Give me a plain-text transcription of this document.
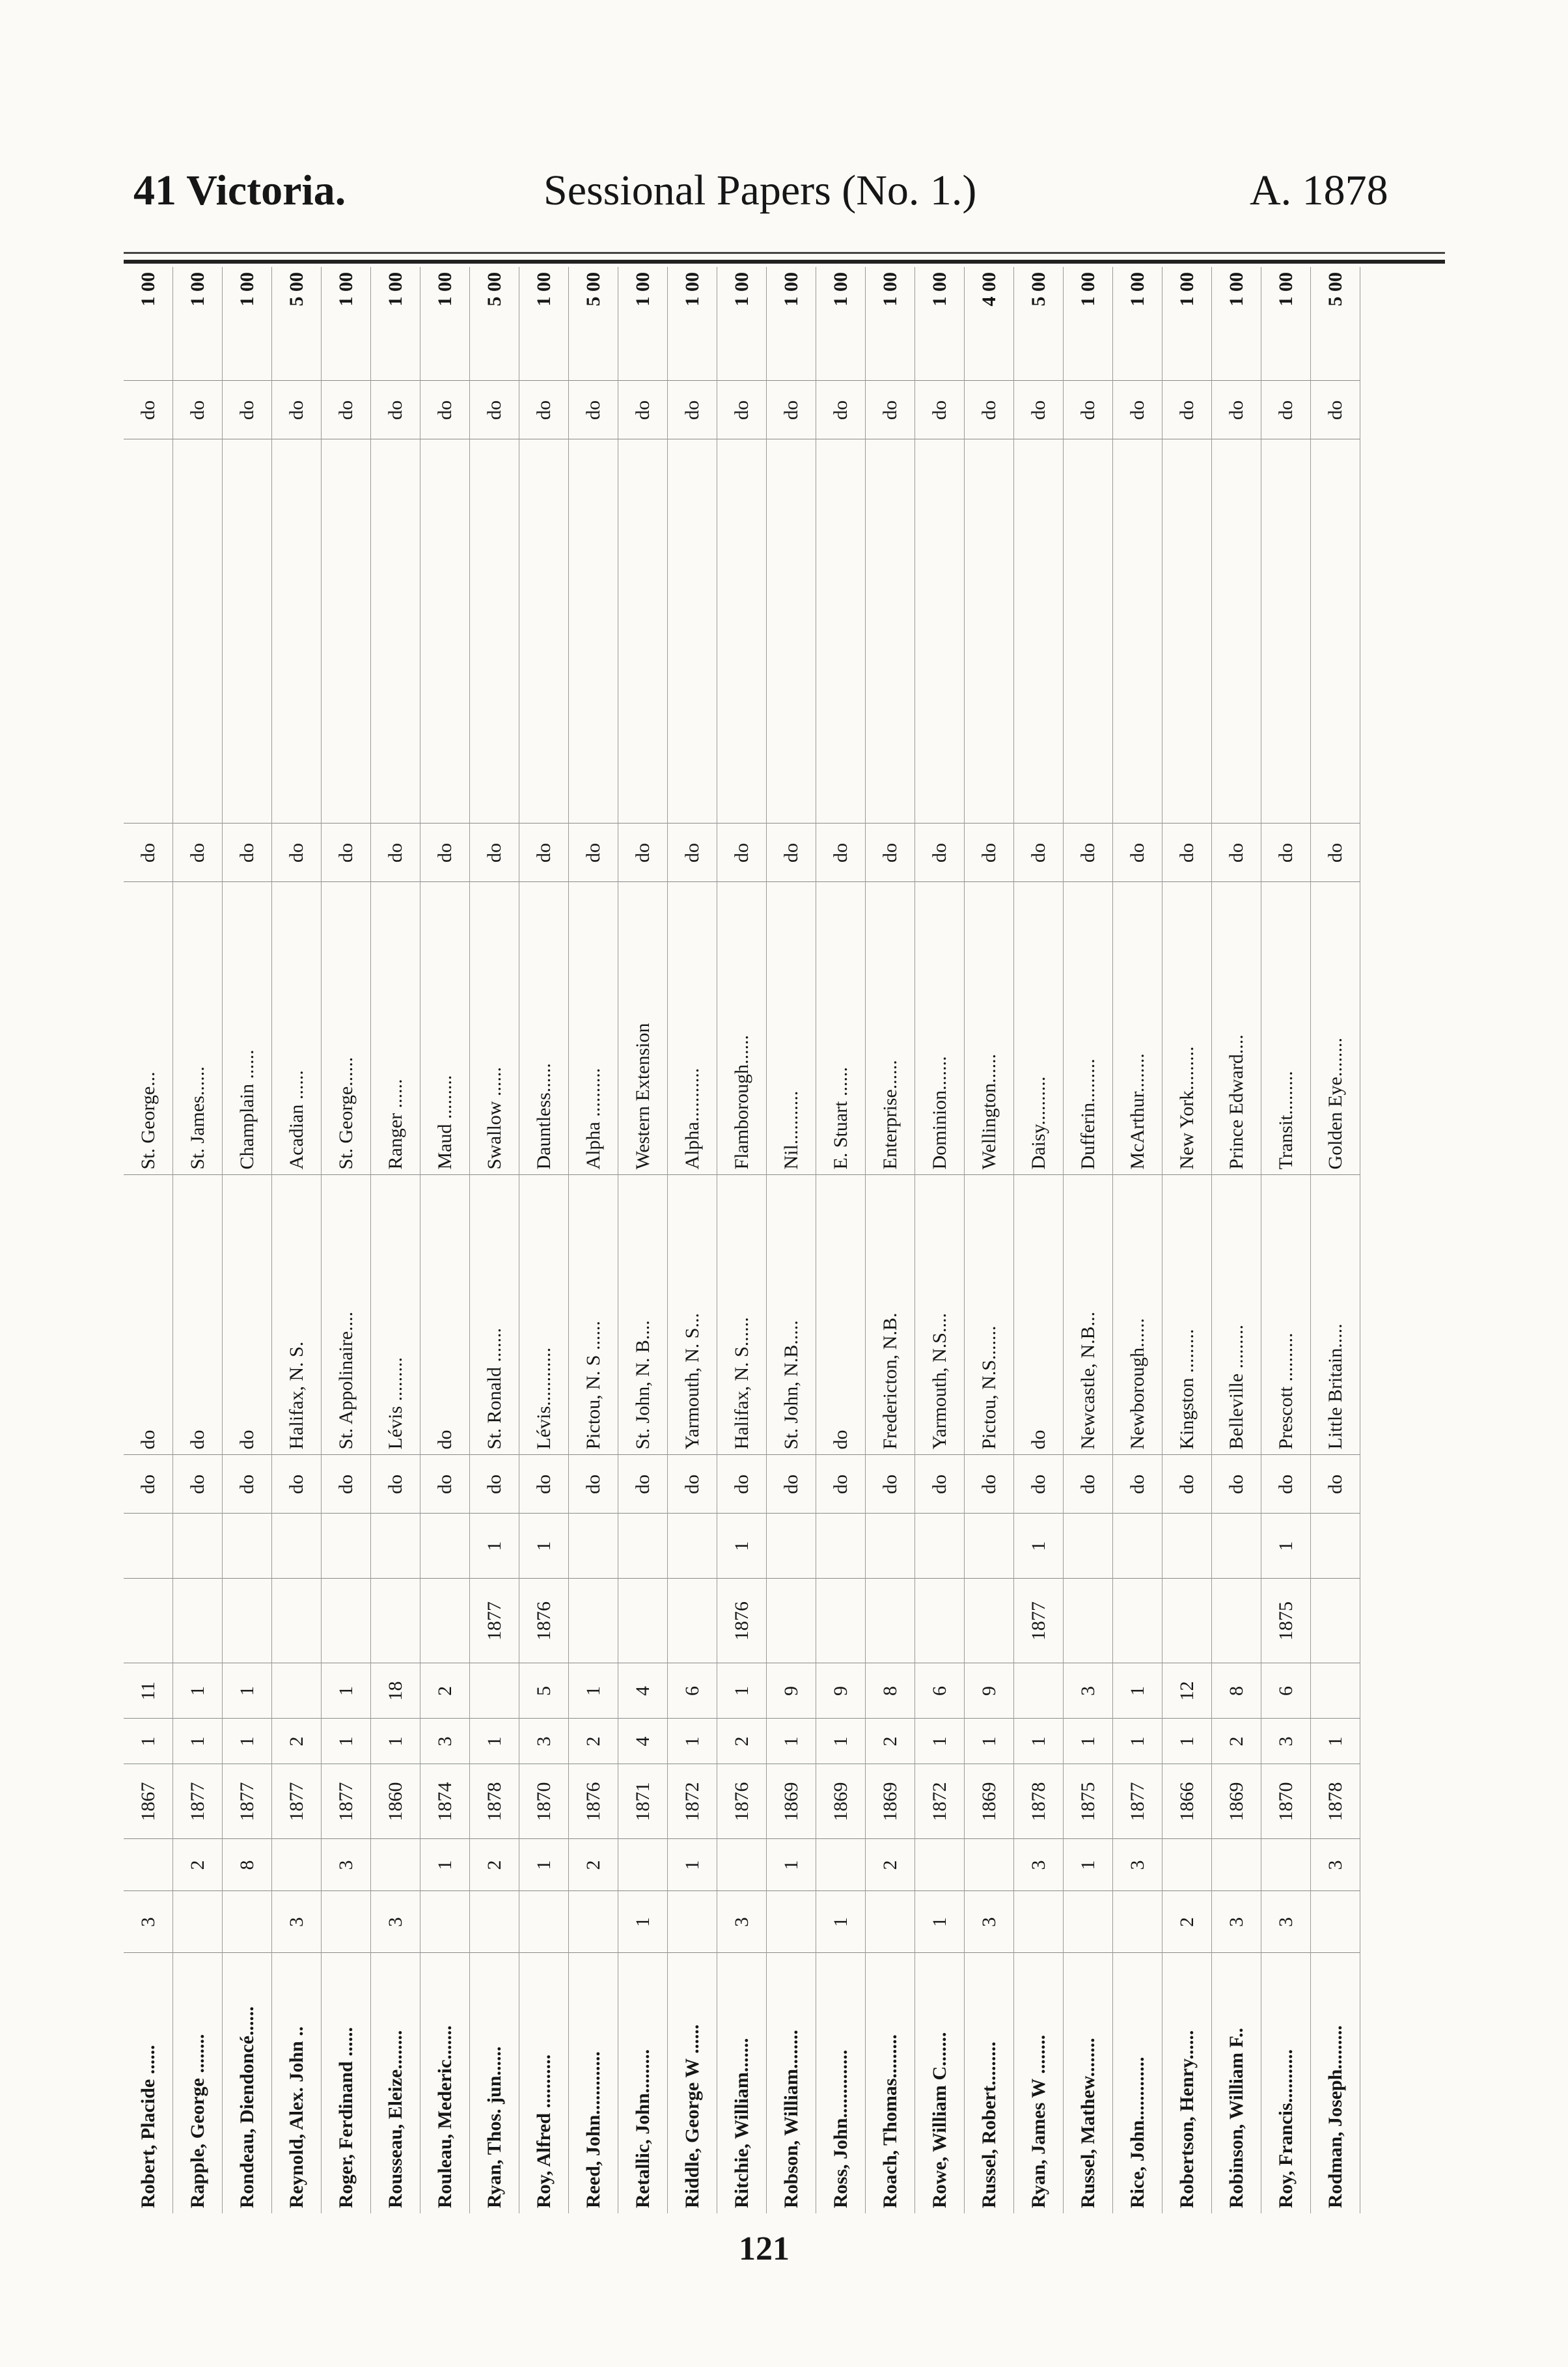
41 Victoria.	Sessional Papers (No. 1.)	A. 1878
Robert, Placide ......	3		1867	1	11			do	do	St. George...	do		do	1 00
Rapple, George ........		2	1877	1	1			do	do	St. James......	do		do	1 00
Rondeau, Diendoncé......		8	1877	1	1			do	do	Champlain ......	do		do	1 00
Reynold, Alex. John ..	3		1877	2				do	Halifax, N. S.	Acadian ......	do		do	5 00
Roger, Ferdinand ......		3	1877	1	1			do	St. Appolinaire....	St. George......	do		do	1 00
Rousseau, Eleize........	3		1860	1	18			do	Lévis .........	Ranger ......	do		do	1 00
Rouleau, Mederic.......		1	1874	3	2			do	do	Maud .........	do		do	1 00
Ryan, Thos. jun......		2	1878	1		1877	1	do	St. Ronald .......	Swallow ......	do		do	5 00
Roy, Alfred ...........		1	1870	3	5	1876	1	do	Lévis............	Dauntless......	do		do	1 00
Reed, John.............		2	1876	2	1			do	Pictou, N. S ......	Alpha ..........	do		do	5 00
Retallic, John.........	1		1871	4	4			do	St. John, N. B....	Western Extension	do		do	1 00
Riddle, George W ......		1	1872	1	6			do	Yarmouth, N. S...	Alpha...........	do		do	1 00
Ritchie, William.......	3		1876	2	1	1876	1	do	Halifax, N. S......	Flamborough......	do		do	1 00
Robson, William........		1	1869	1	9			do	St. John, N.B.....	Nil...........	do		do	1 00
Ross, John..............	1		1869	1	9			do	do	E. Stuart ......	do		do	1 00
Roach, Thomas.........		2	1869	2	8			do	Fredericton, N.B.	Enterprise......	do		do	1 00
Rowe, William C.......	1		1872	1	6			do	Yarmouth, N.S....	Dominion.......	do		do	1 00
Russel, Robert.........	3		1869	1	9			do	Pictou, N.S.......	Wellington......	do		do	4 00
Ryan, James W ........		3	1878	1		1877	1	do	do	Daisy..........	do		do	5 00
Russel, Mathew........		1	1875	1	3			do	Newcastle, N.B...	Dufferin.........	do		do	1 00
Rice, John.............		3	1877	1	1			do	Newborough......	McArthur........	do		do	1 00
Robertson, Henry......	2		1866	1	12			do	Kingston .........	New York.........	do		do	1 00
Robinson, William F..	3		1869	2	8			do	Belleville .........	Prince Edward....	do		do	1 00
Roy, Francis...........	3		1870	3	6	1875	1	do	Prescott ..........	Transit.........	do		do	1 00
Rodman, Joseph.........		3	1878	1				do	Little Britain.....	Golden Eye........	do		do	5 00
121
